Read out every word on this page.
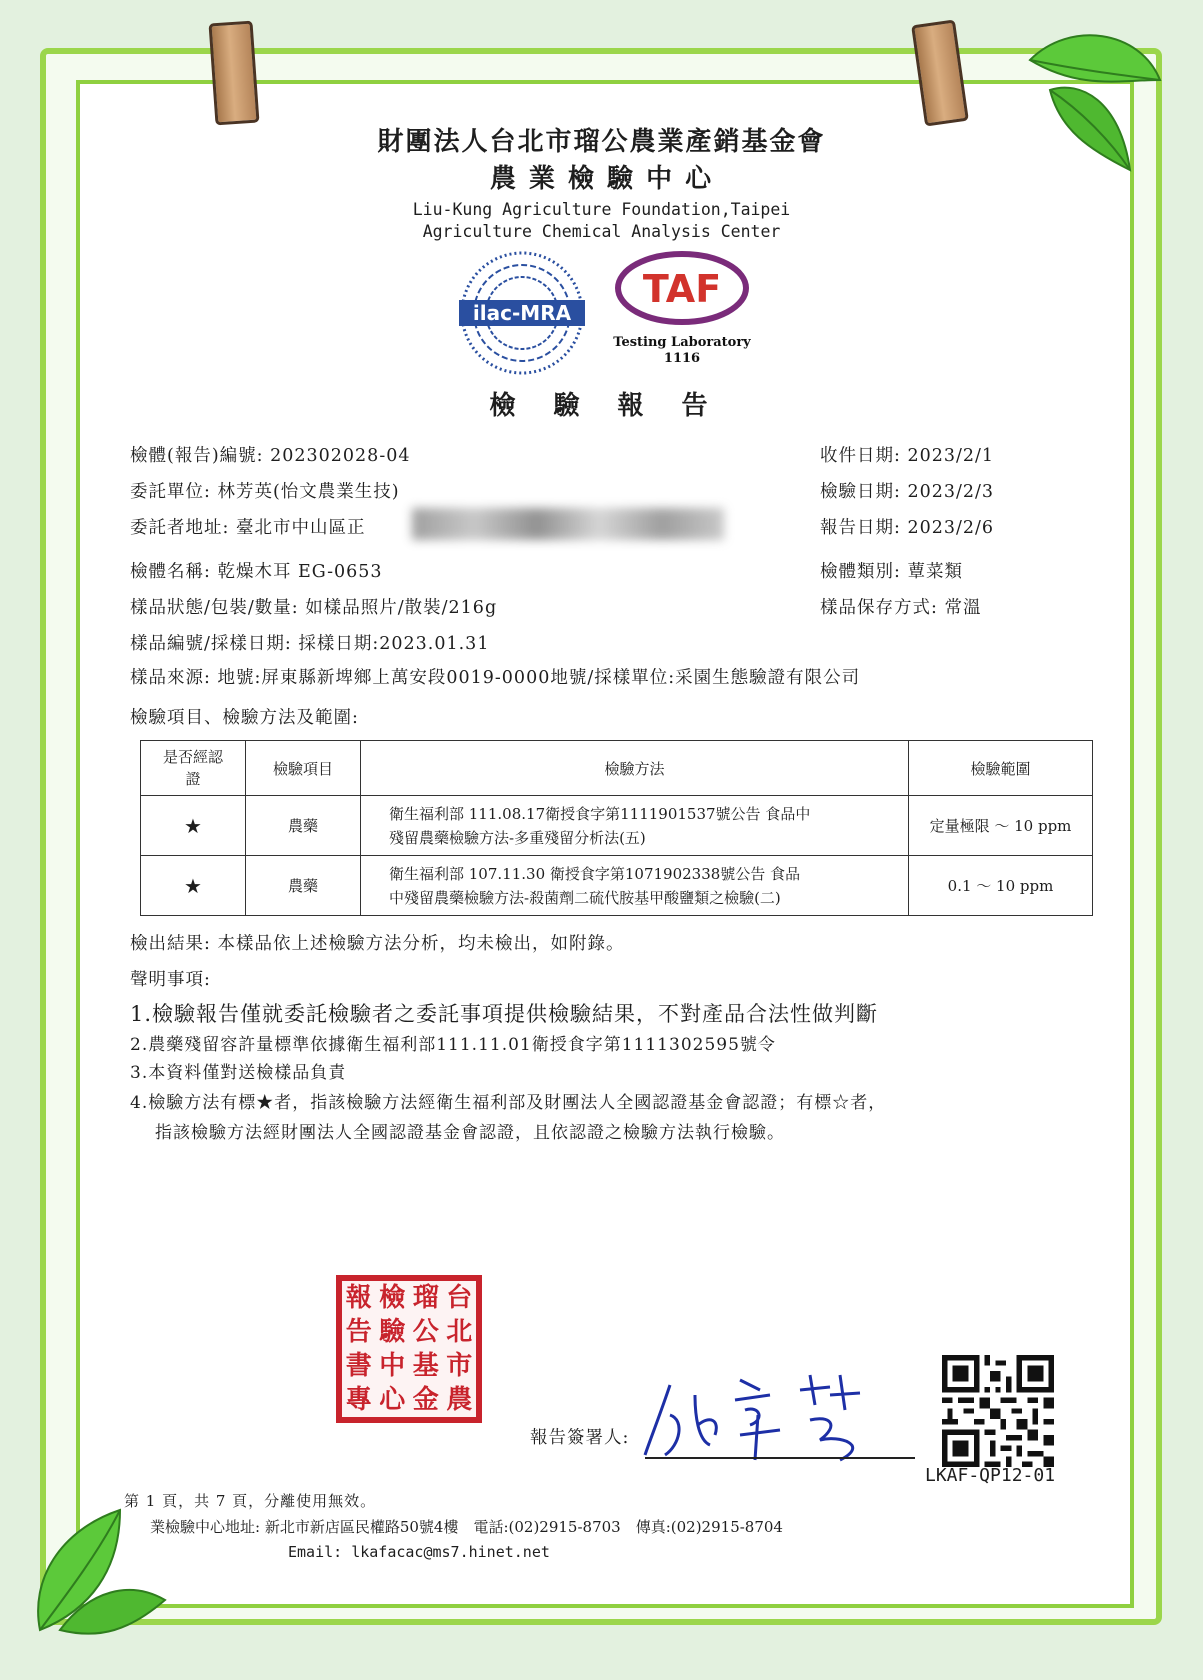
財團法人台北市瑠公農業產銷基金會
農 業 檢 驗 中 心
Liu-Kung Agriculture Foundation,Taipei
Agriculture Chemical Analysis Center
ilac-MRA
TAF
Testing Laboratory
1116
檢　驗　報　告
檢體(報告)編號: 202302028-04
委託單位: 林芳英(怡文農業生技)
委託者地址: 臺北市中山區正
收件日期: 2023/2/1
檢驗日期: 2023/2/3
報告日期: 2023/2/6
檢體名稱: 乾燥木耳 EG-0653	檢體類別: 蕈菜類
樣品狀態/包裝/數量: 如樣品照片/散裝/216g	樣品保存方式: 常溫
樣品編號/採樣日期: 採樣日期:2023.01.31
樣品來源: 地號:屏東縣新埤鄉上萬安段0019-0000地號/採樣單位:采園生態驗證有限公司
檢驗項目、檢驗方法及範圍:
是否經認證	檢驗項目	檢驗方法	檢驗範圍
★	農藥	衛生福利部 111.08.17衛授食字第1111901537號公告 食品中
殘留農藥檢驗方法-多重殘留分析法(五)	定量極限 ～ 10 ppm
★	農藥	衛生福利部 107.11.30 衛授食字第1071902338號公告 食品
中殘留農藥檢驗方法-殺菌劑二硫代胺基甲酸鹽類之檢驗(二)	0.1 ～ 10 ppm
檢出結果: 本樣品依上述檢驗方法分析，均未檢出，如附錄。
聲明事項:
1.檢驗報告僅就委託檢驗者之委託事項提供檢驗結果，不對產品合法性做判斷
2.農藥殘留容許量標準依據衛生福利部111.11.01衛授食字第1111302595號令
3.本資料僅對送檢樣品負責
4.檢驗方法有標★者，指該檢驗方法經衛生福利部及財團法人全國認證基金會認證；有標☆者，
指該檢驗方法經財團法人全國認證基金會認證，且依認證之檢驗方法執行檢驗。
報 檢 瑠 台
告 驗 公 北
書 中 基 市
專 心 金 農
報告簽署人:
LKAF-QP12-01
第 1 頁，共 7 頁，分離使用無效。
業檢驗中心地址: 新北市新店區民權路50號4樓　電話:(02)2915-8703　傳真:(02)2915-8704
Email: lkafacac@ms7.hinet.net
